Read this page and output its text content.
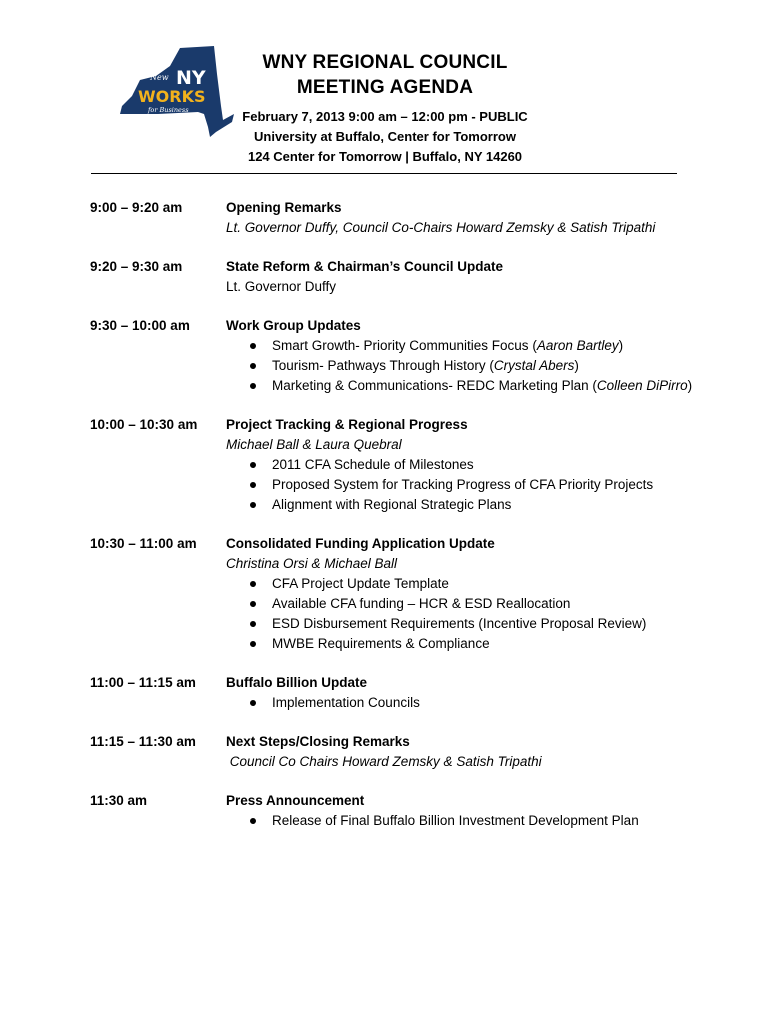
The
New NY
WORKS
for Business
WNY REGIONAL COUNCIL
MEETING AGENDA
February 7, 2013 9:00 am – 12:00 pm - PUBLIC
University at Buffalo, Center for Tomorrow
124 Center for Tomorrow | Buffalo, NY 14260
9:00 – 9:20 am	Opening Remarks
Lt. Governor Duffy, Council Co-Chairs Howard Zemsky & Satish Tripathi
9:20 – 9:30 am	State Reform & Chairman’s Council Update
Lt. Governor Duffy
9:30 – 10:00 am	Work Group Updates
Smart Growth- Priority Communities Focus (Aaron Bartley)
Tourism- Pathways Through History (Crystal Abers)
Marketing & Communications- REDC Marketing Plan (Colleen DiPirro)
10:00 – 10:30 am	Project Tracking & Regional Progress
Michael Ball & Laura Quebral
2011 CFA Schedule of Milestones
Proposed System for Tracking Progress of CFA Priority Projects
Alignment with Regional Strategic Plans
10:30 – 11:00 am	Consolidated Funding Application Update
Christina Orsi & Michael Ball
CFA Project Update Template
Available CFA funding – HCR & ESD Reallocation
ESD Disbursement Requirements (Incentive Proposal Review)
MWBE Requirements & Compliance
11:00 – 11:15 am	Buffalo Billion Update
Implementation Councils
11:15 – 11:30 am	Next Steps/Closing Remarks
Council Co Chairs Howard Zemsky & Satish Tripathi
11:30 am	Press Announcement
Release of Final Buffalo Billion Investment Development Plan
